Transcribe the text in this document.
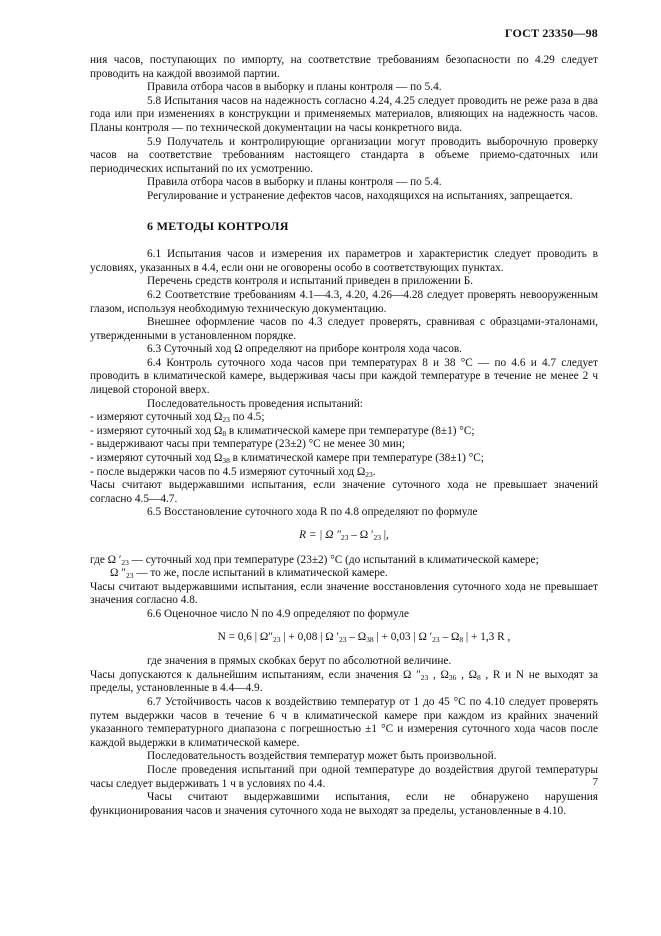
ГОСТ 23350—98

ния часов, поступающих по импорту, на соответствие требованиям безопасности по 4.29 следует проводить на каждой ввозимой партии.

Правила отбора часов в выборку и планы контроля — по 5.4.

5.8 Испытания часов на надежность согласно 4.24, 4.25 следует проводить не реже раза в два года или при изменениях в конструкции и применяемых материалов, влияющих на надежность часов. Планы контроля — по технической документации на часы конкретного вида.

5.9 Получатель и контролирующие организации могут проводить выборочную проверку часов на соответствие требованиям настоящего стандарта в объеме приемо-сдаточных или периодических испытаний по их усмотрению.

Правила отбора часов в выборку и планы контроля — по 5.4.

Регулирование и устранение дефектов часов, находящихся на испытаниях, запрещается.

6 МЕТОДЫ КОНТРОЛЯ

6.1 Испытания часов и измерения их параметров и характеристик следует проводить в условиях, указанных в 4.4, если они не оговорены особо в соответствующих пунктах.

Перечень средств контроля и испытаний приведен в приложении Б.

6.2 Соответствие требованиям 4.1—4.3, 4.20, 4.26—4.28 следует проверять невооруженным глазом, используя необходимую техническую документацию.

Внешнее оформление часов по 4.3 следует проверять, сравнивая с образцами-эталонами, утвержденными в установленном порядке.

6.3 Суточный ход Ω определяют на приборе контроля хода часов.

6.4 Контроль суточного хода часов при температурах 8 и 38 °С — по 4.6 и 4.7 следует проводить в климатической камере, выдерживая часы при каждой температуре в течение не менее 2 ч лицевой стороной вверх.

Последовательность проведения испытаний:

- измеряют суточный ход $\Omega_{23}$ по 4.5;

- измеряют суточный ход $\Omega_8$ в климатической камере при температуре (8±1) °С;

- выдерживают часы при температуре (23±2) °С не менее 30 мин;

- измеряют суточный ход $\Omega_{38}$ в климатической камере при температуре (38±1) °С;

- после выдержки часов по 4.5 измеряют суточный ход $\Omega_{23}$.

Часы считают выдержавшими испытания, если значение суточного хода не превышает значений согласно 4.5—4.7.

6.5 Восстановление суточного хода R по 4.8 определяют по формуле

R = | Ω $''_{23}$ – Ω $'_{23}$ |,

где Ω $'_{23}$ — суточный ход при температуре (23±2) °С (до испытаний в климатической камере;

Ω $''_{23}$ — то же, после испытаний в климатической камере.

Часы считают выдержавшими испытания, если значение восстановления суточного хода не превышает значения согласно 4.8.

6.6 Оценочное число N по 4.9 определяют по формуле

N = 0,6 | $\Omega''_{23}$ | + 0,08 | Ω $'_{23} - \Omega_{38}$ | + 0,03 | Ω $'_{23} - \Omega_8$ | + 1,3 R ,

где значения в прямых скобках берут по абсолютной величине.

Часы допускаются к дальнейшим испытаниям, если значения Ω $''_{23}$ , $\Omega_{36}$ , $\Omega_8$ , R и N не выходят за пределы, установленные в 4.4—4.9.

6.7 Устойчивость часов к воздействию температур от 1 до 45 °С по 4.10 следует проверять путем выдержки часов в течение 6 ч в климатической камере при каждом из крайних значений указанного температурного диапазона с погрешностью ±1 °С и измерения суточного хода часов после каждой выдержки в климатической камере.

Последовательность воздействия температур может быть произвольной.

После проведения испытаний при одной температуре до воздействия другой температуры часы следует выдерживать 1 ч в условиях по 4.4.

Часы считают выдержавшими испытания, если не обнаружено нарушения функционирования часов и значения суточного хода не выходят за пределы, установленные в 4.10.

7
